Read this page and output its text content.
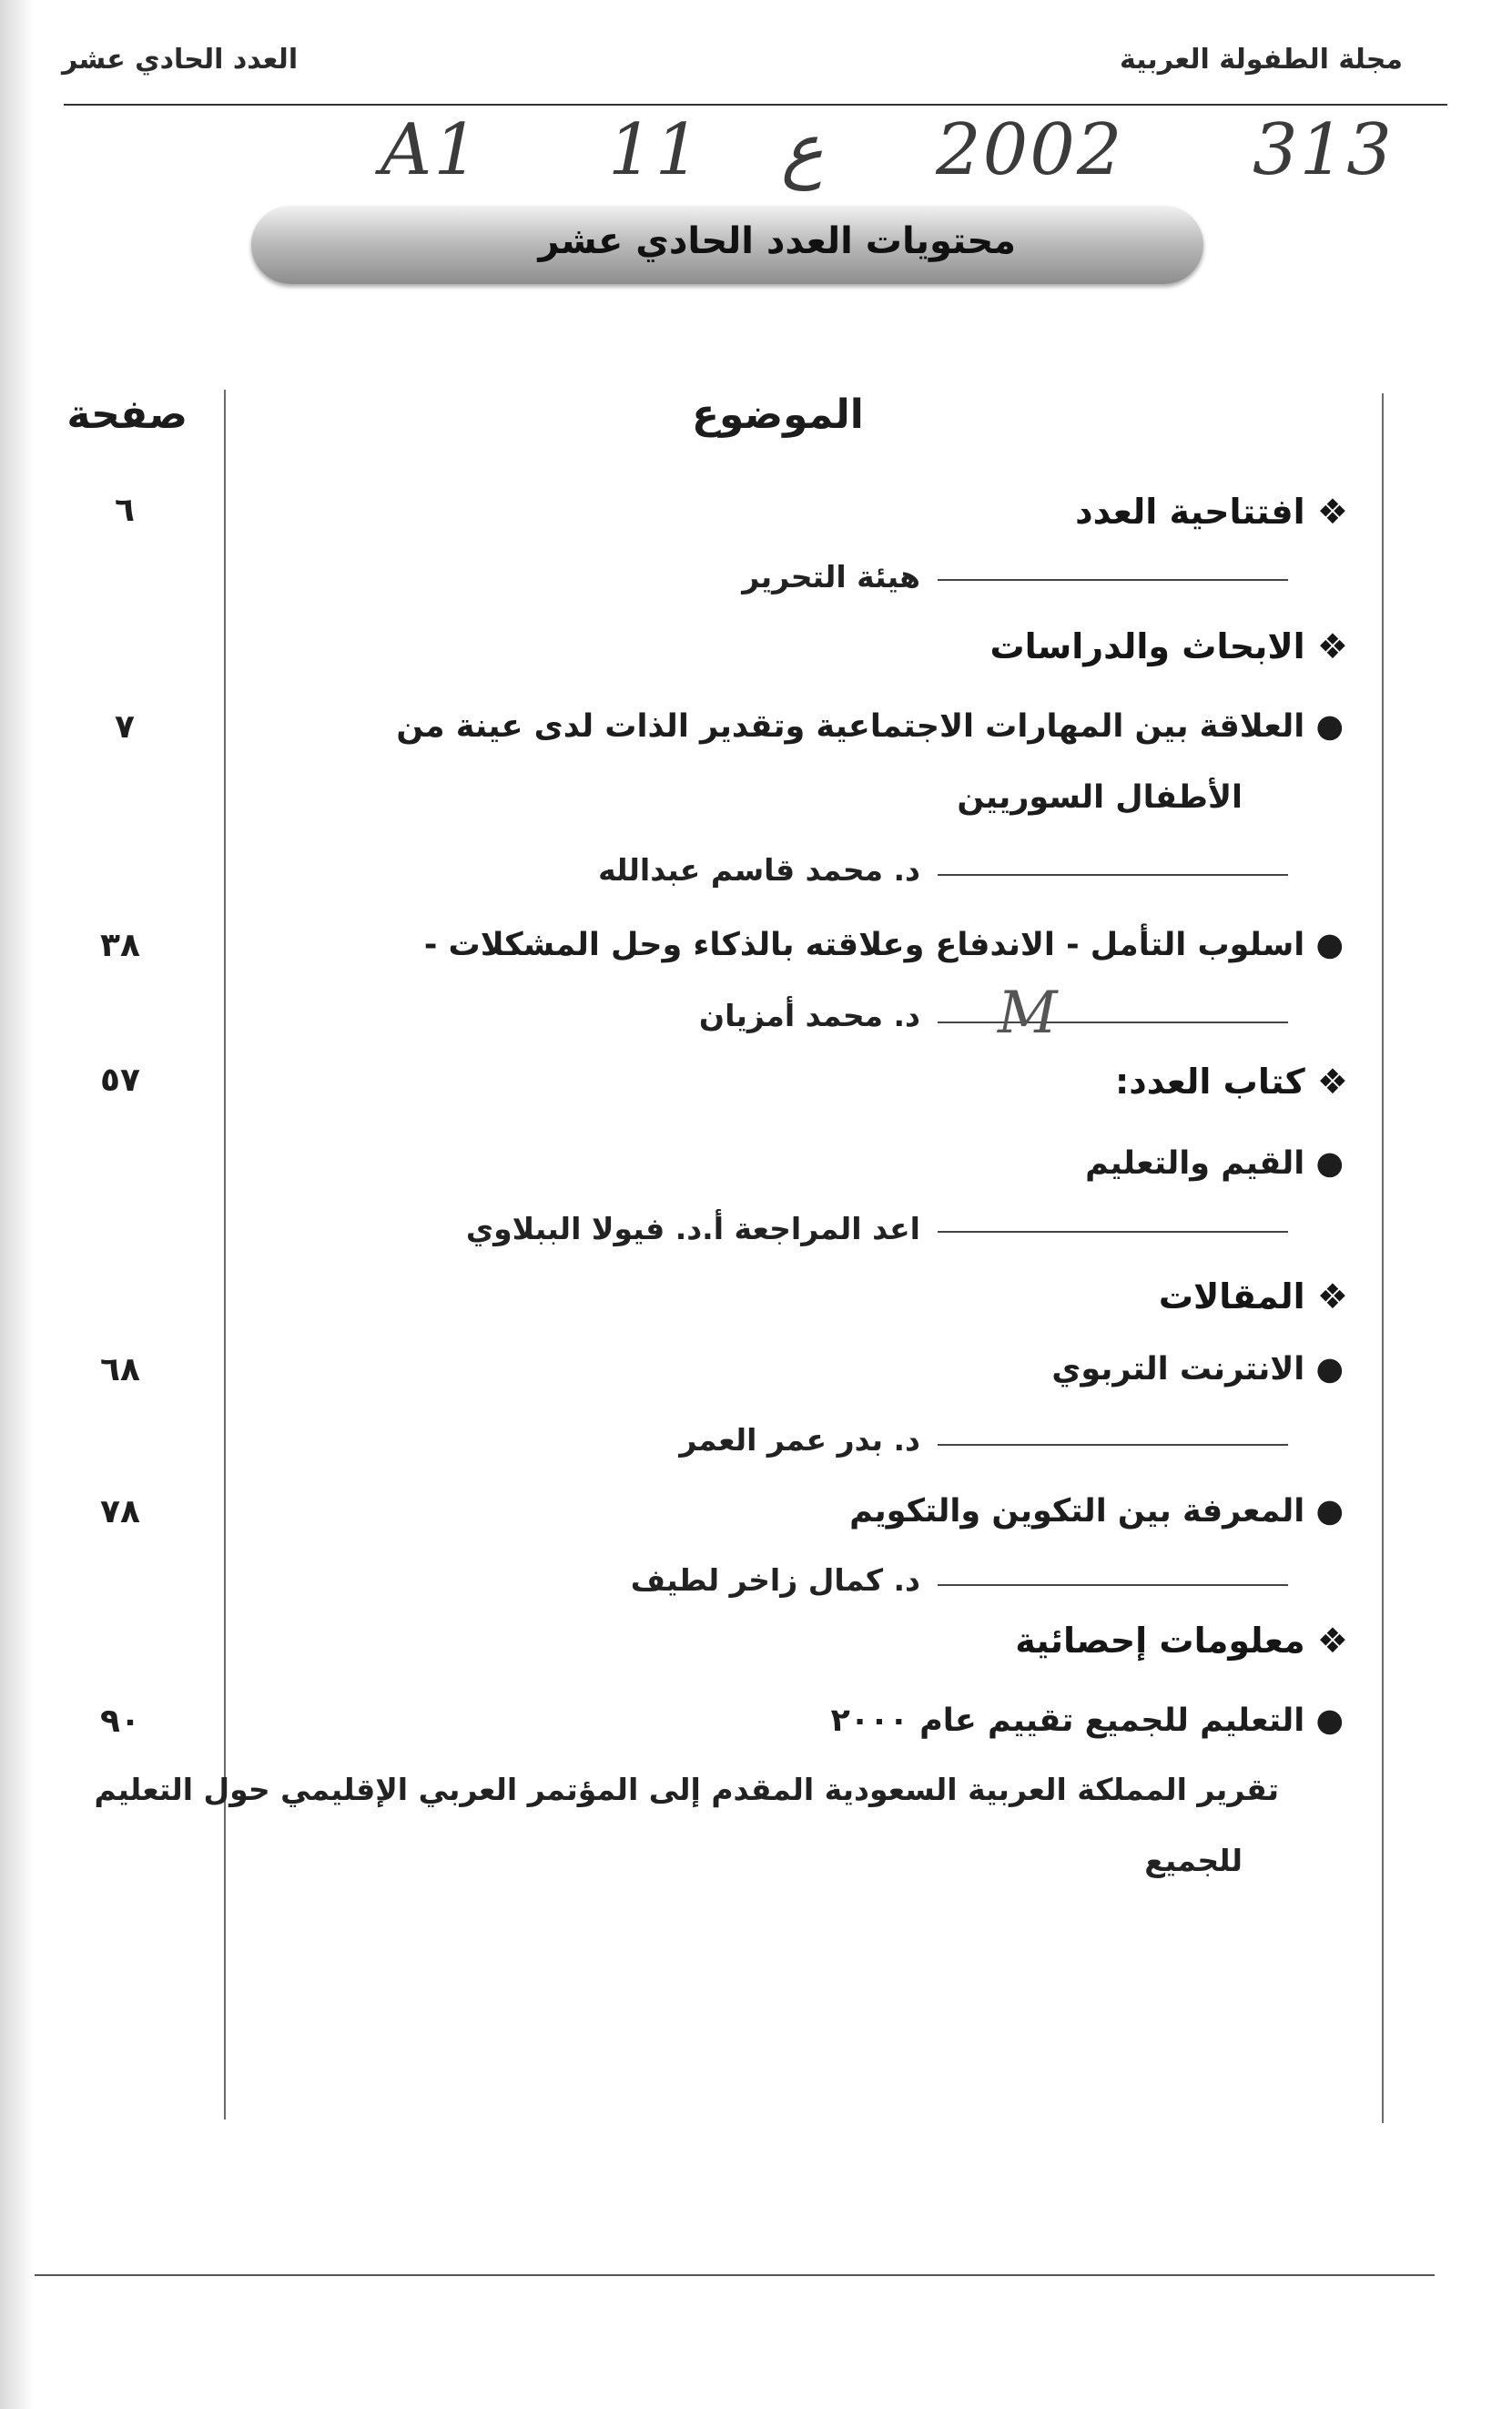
مجلة الطفولة العربية
العدد الحادي عشر
A1 11 ع 2002 313
محتويات العدد الحادي عشر
صفحة	الموضوع
❖ افتتاحية العدد
٦
هيئة التحرير
❖ الابحاث والدراسات
● العلاقة بين المهارات الاجتماعية وتقدير الذات لدى عينة من
٧
الأطفال السوريين
د. محمد قاسم عبدالله
● اسلوب التأمل - الاندفاع وعلاقته بالذكاء وحل المشكلات -
٣٨
M
د. محمد أمزيان
❖ كتاب العدد:
٥٧
● القيم والتعليم
اعد المراجعة أ.د. فيولا الببلاوي
❖ المقالات
● الانترنت التربوي
٦٨
د. بدر عمر العمر
● المعرفة بين التكوين والتكويم
٧٨
د. كمال زاخر لطيف
❖ معلومات إحصائية
● التعليم للجميع تقييم عام ٢٠٠٠
٩٠
تقرير المملكة العربية السعودية المقدم إلى المؤتمر العربي الإقليمي حول التعليم
للجميع
